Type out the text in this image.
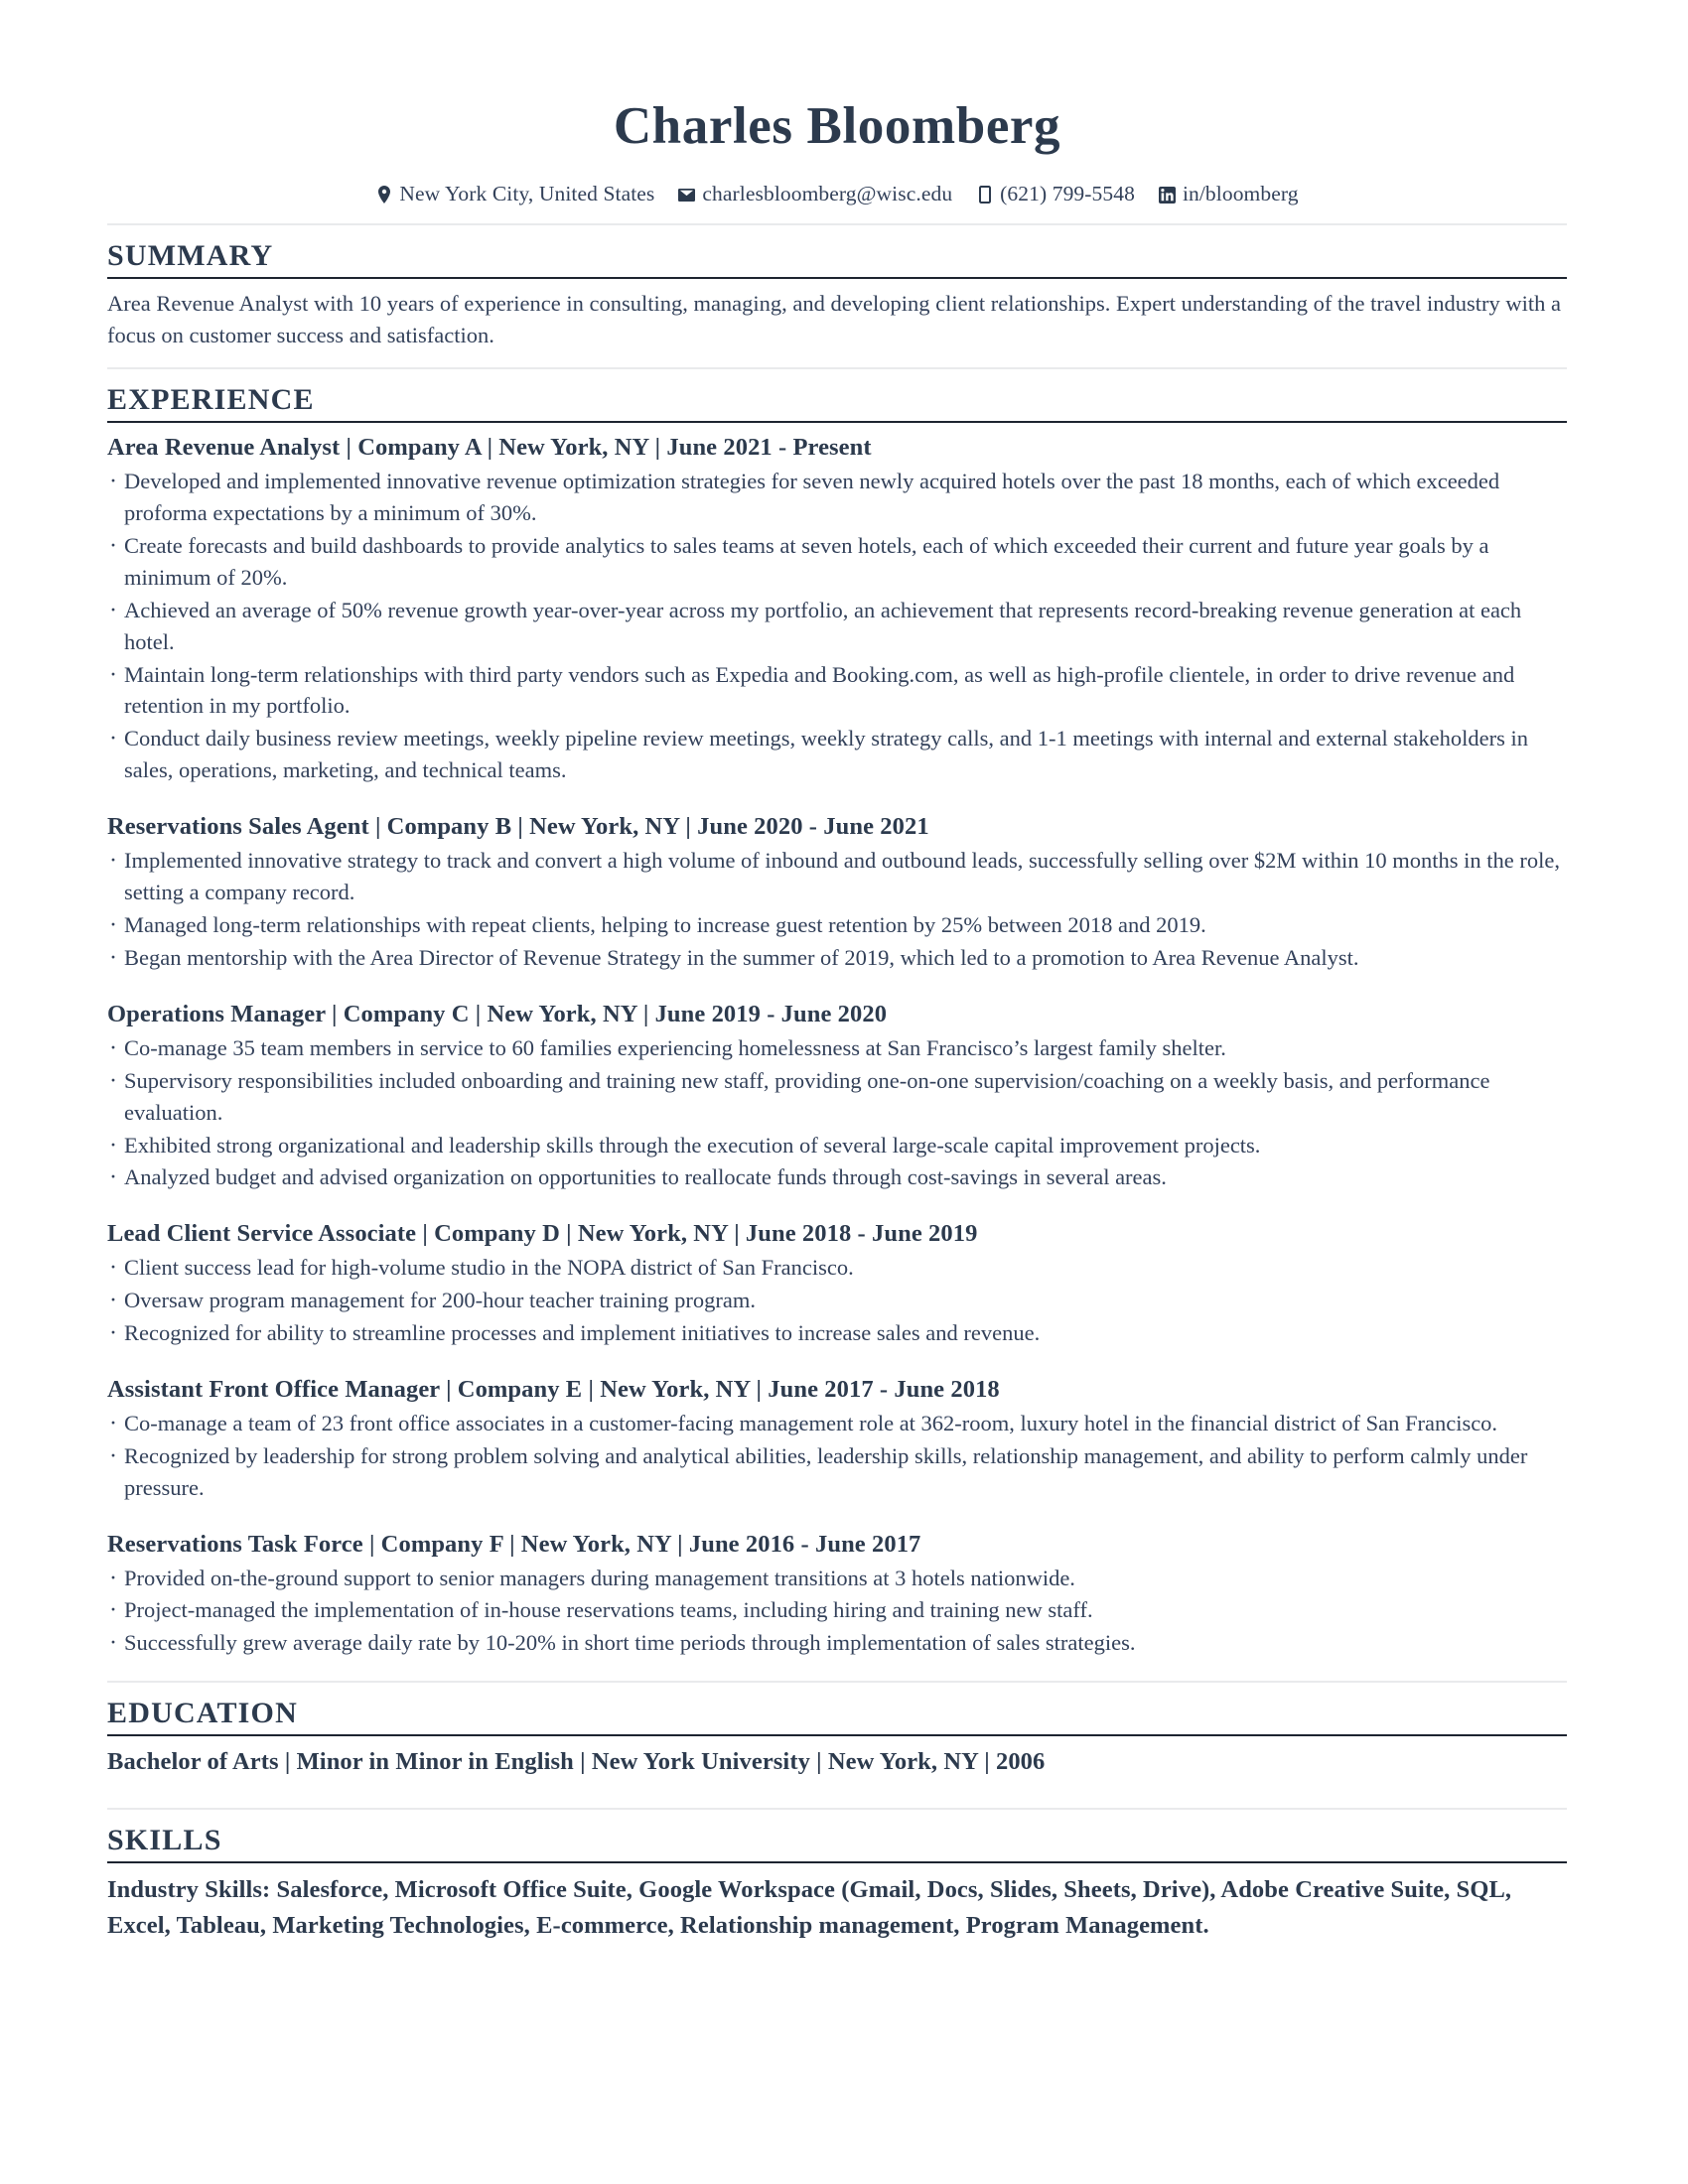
Charles Bloomberg
New York City, United States charlesbloomberg@wisc.edu (621) 799-5548 in/bloomberg
SUMMARY
Area Revenue Analyst with 10 years of experience in consulting, managing, and developing client relationships. Expert understanding of the travel industry with a focus on customer success and satisfaction.
EXPERIENCE
Area Revenue Analyst | Company A | New York, NY | June 2021 - Present
· Developed and implemented innovative revenue optimization strategies for seven newly acquired hotels over the past 18 months, each of which exceeded proforma expectations by a minimum of 30%.
· Create forecasts and build dashboards to provide analytics to sales teams at seven hotels, each of which exceeded their current and future year goals by a minimum of 20%.
· Achieved an average of 50% revenue growth year-over-year across my portfolio, an achievement that represents record-breaking revenue generation at each hotel.
· Maintain long-term relationships with third party vendors such as Expedia and Booking.com, as well as high-profile clientele, in order to drive revenue and retention in my portfolio.
· Conduct daily business review meetings, weekly pipeline review meetings, weekly strategy calls, and 1-1 meetings with internal and external stakeholders in sales, operations, marketing, and technical teams.
Reservations Sales Agent | Company B | New York, NY | June 2020 - June 2021
· Implemented innovative strategy to track and convert a high volume of inbound and outbound leads, successfully selling over $2M within 10 months in the role, setting a company record.
· Managed long-term relationships with repeat clients, helping to increase guest retention by 25% between 2018 and 2019.
· Began mentorship with the Area Director of Revenue Strategy in the summer of 2019, which led to a promotion to Area Revenue Analyst.
Operations Manager | Company C | New York, NY | June 2019 - June 2020
· Co-manage 35 team members in service to 60 families experiencing homelessness at San Francisco’s largest family shelter.
· Supervisory responsibilities included onboarding and training new staff, providing one-on-one supervision/coaching on a weekly basis, and performance evaluation.
· Exhibited strong organizational and leadership skills through the execution of several large-scale capital improvement projects.
· Analyzed budget and advised organization on opportunities to reallocate funds through cost-savings in several areas.
Lead Client Service Associate | Company D | New York, NY | June 2018 - June 2019
· Client success lead for high-volume studio in the NOPA district of San Francisco.
· Oversaw program management for 200-hour teacher training program.
· Recognized for ability to streamline processes and implement initiatives to increase sales and revenue.
Assistant Front Office Manager | Company E | New York, NY | June 2017 - June 2018
· Co-manage a team of 23 front office associates in a customer-facing management role at 362-room, luxury hotel in the financial district of San Francisco.
· Recognized by leadership for strong problem solving and analytical abilities, leadership skills, relationship management, and ability to perform calmly under pressure.
Reservations Task Force | Company F | New York, NY | June 2016 - June 2017
· Provided on-the-ground support to senior managers during management transitions at 3 hotels nationwide.
· Project-managed the implementation of in-house reservations teams, including hiring and training new staff.
· Successfully grew average daily rate by 10-20% in short time periods through implementation of sales strategies.
EDUCATION
Bachelor of Arts | Minor in Minor in English | New York University | New York, NY | 2006
SKILLS
Industry Skills: Salesforce, Microsoft Office Suite, Google Workspace (Gmail, Docs, Slides, Sheets, Drive), Adobe Creative Suite, SQL, Excel, Tableau, Marketing Technologies, E-commerce, Relationship management, Program Management.
